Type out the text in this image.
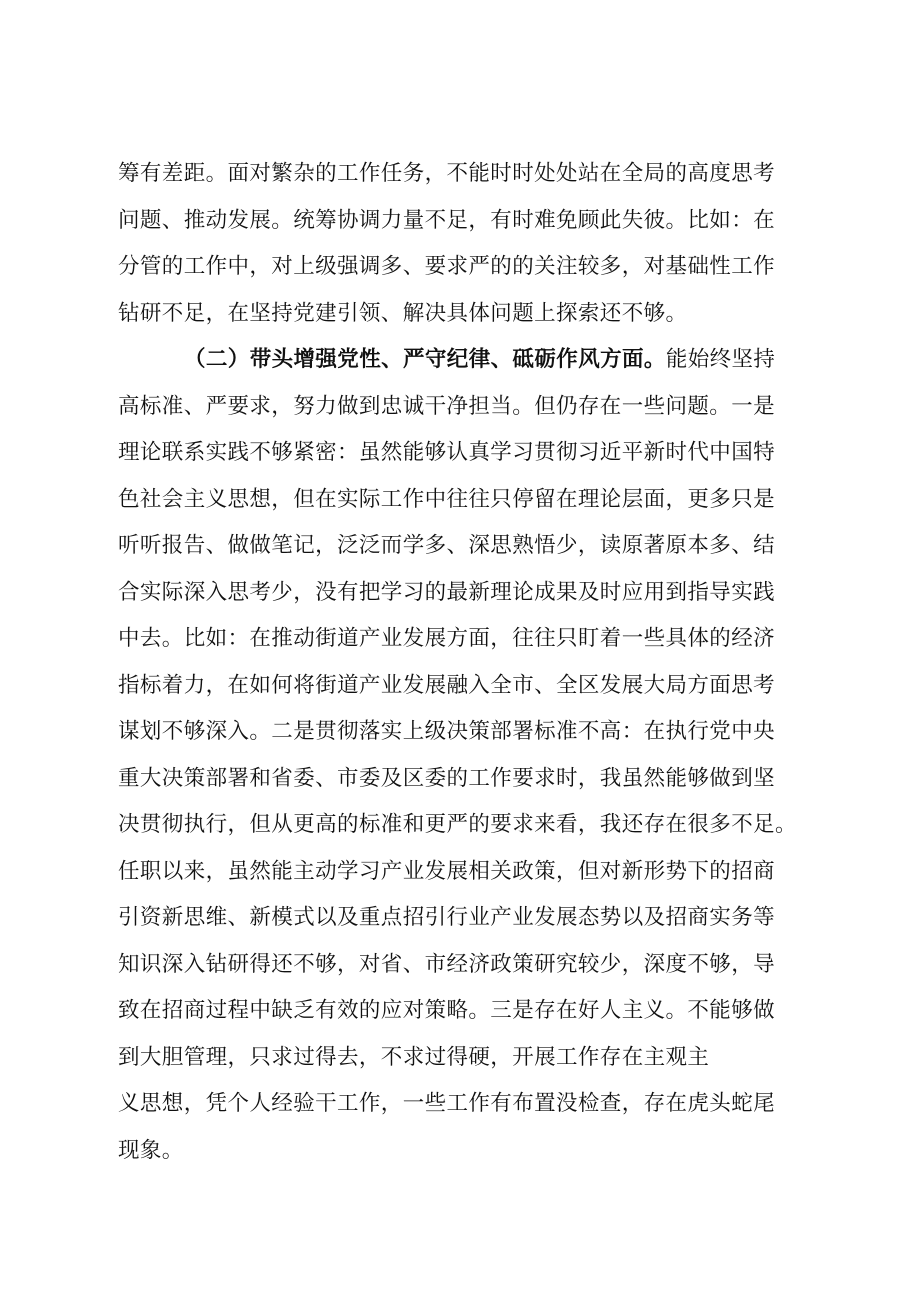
筹有差距。面对繁杂的工作任务，不能时时处处站在全局的高度思考
问题、推动发展。统筹协调力量不足，有时难免顾此失彼。比如：在
分管的工作中，对上级强调多、要求严的的关注较多，对基础性工作
钻研不足，在坚持党建引领、解决具体问题上探索还不够。
（二）带头增强党性、严守纪律、砥砺作风方面。能始终坚持
高标准、严要求，努力做到忠诚干净担当。但仍存在一些问题。一是
理论联系实践不够紧密：虽然能够认真学习贯彻习近平新时代中国特
色社会主义思想，但在实际工作中往往只停留在理论层面，更多只是
听听报告、做做笔记，泛泛而学多、深思熟悟少，读原著原本多、结
合实际深入思考少，没有把学习的最新理论成果及时应用到指导实践
中去。比如：在推动街道产业发展方面，往往只盯着一些具体的经济
指标着力，在如何将街道产业发展融入全市、全区发展大局方面思考
谋划不够深入。二是贯彻落实上级决策部署标准不高：在执行党中央
重大决策部署和省委、市委及区委的工作要求时，我虽然能够做到坚
决贯彻执行，但从更高的标准和更严的要求来看，我还存在很多不足。
任职以来，虽然能主动学习产业发展相关政策，但对新形势下的招商
引资新思维、新模式以及重点招引行业产业发展态势以及招商实务等
知识深入钻研得还不够，对省、市经济政策研究较少，深度不够，导
致在招商过程中缺乏有效的应对策略。三是存在好人主义。不能够做
到大胆管理，只求过得去，不求过得硬，开展工作存在主观主
义思想，凭个人经验干工作，一些工作有布置没检查，存在虎头蛇尾
现象。
